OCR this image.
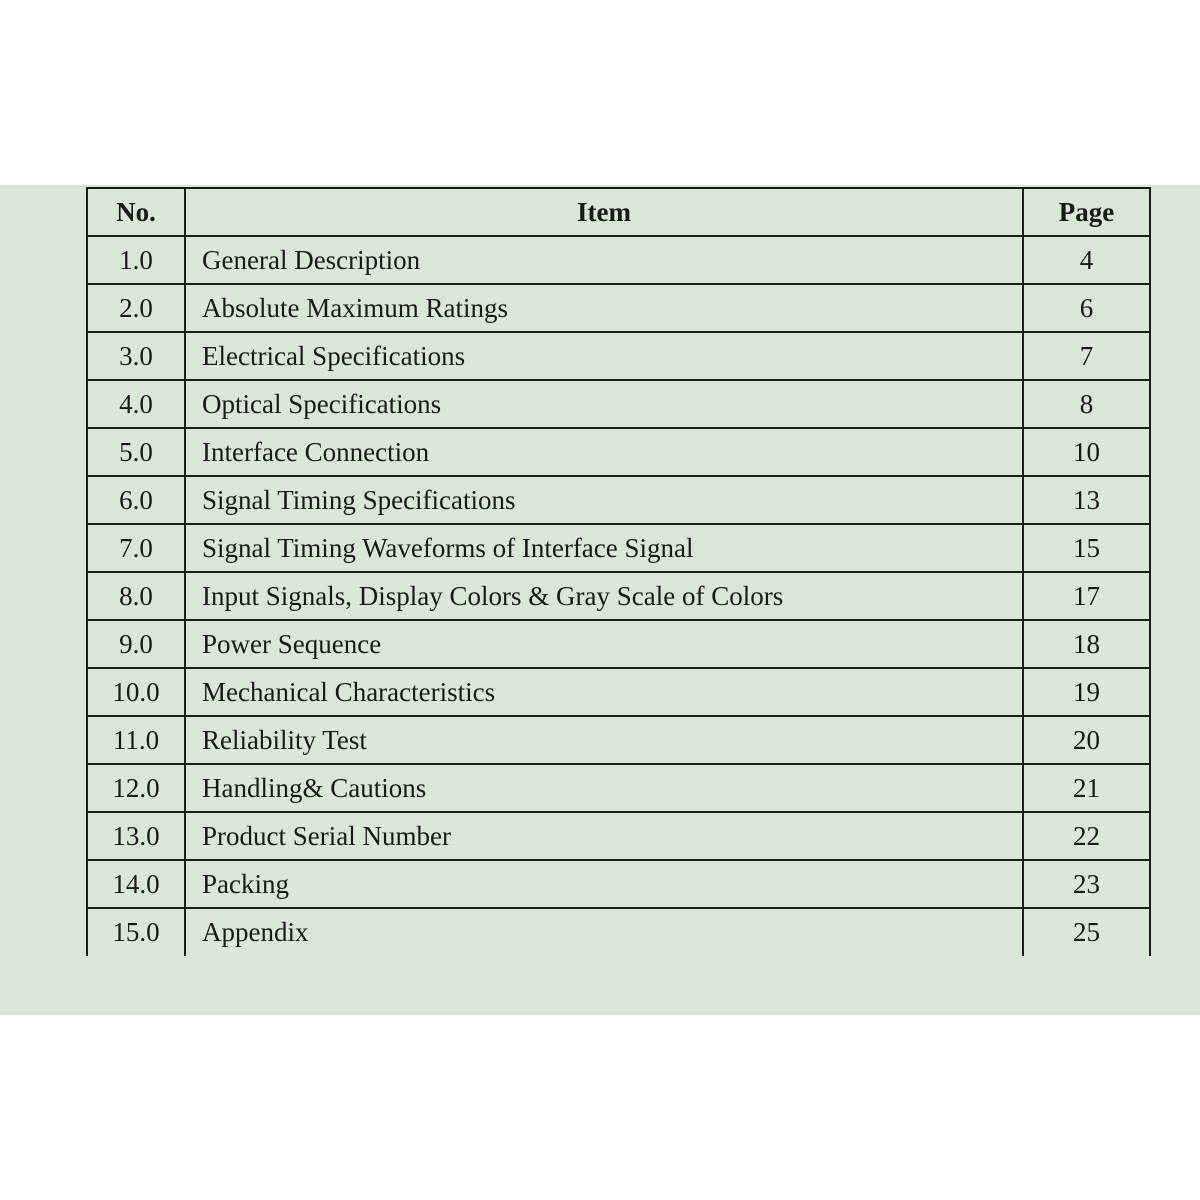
No.	Item	Page
1.0	General Description	4
2.0	Absolute Maximum Ratings	6
3.0	Electrical Specifications	7
4.0	Optical Specifications	8
5.0	Interface Connection	10
6.0	Signal Timing Specifications	13
7.0	Signal Timing Waveforms of Interface Signal	15
8.0	Input Signals, Display Colors & Gray Scale of Colors	17
9.0	Power Sequence	18
10.0	Mechanical Characteristics	19
11.0	Reliability Test	20
12.0	Handling& Cautions	21
13.0	Product Serial Number	22
14.0	Packing	23
15.0	Appendix	25
